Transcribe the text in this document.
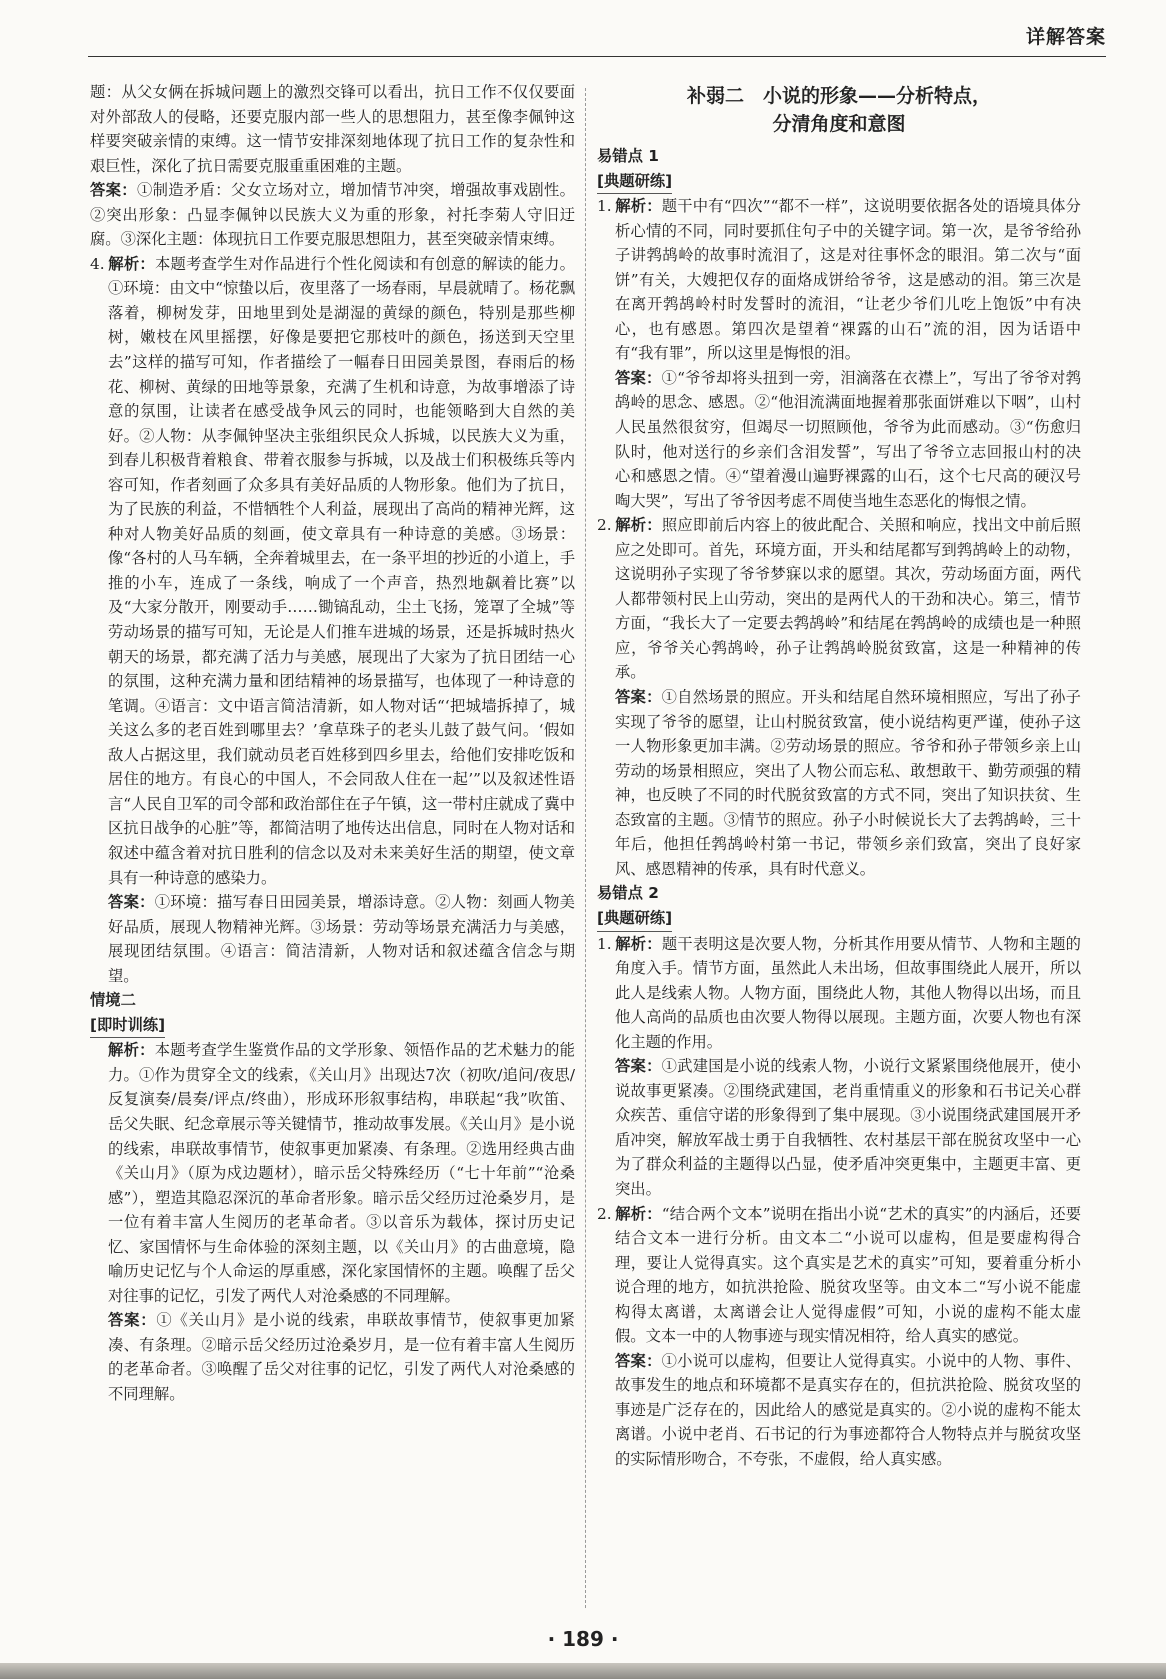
详解答案

题：从父女俩在拆城问题上的激烈交锋可以看出，抗日工作不仅仅要面对外部敌人的侵略，还要克服内部一些人的思想阻力，甚至像李佩钟这样要突破亲情的束缚。这一情节安排深刻地体现了抗日工作的复杂性和艰巨性，深化了抗日需要克服重重困难的主题。

答案：①制造矛盾：父女立场对立，增加情节冲突，增强故事戏剧性。②突出形象：凸显李佩钟以民族大义为重的形象，衬托李菊人守旧迂腐。③深化主题：体现抗日工作要克服思想阻力，甚至突破亲情束缚。

4. 解析：本题考查学生对作品进行个性化阅读和有创意的解读的能力。①环境：由文中“惊蛰以后，夜里落了一场春雨，早晨就晴了。杨花飘落着，柳树发芽，田地里到处是湖湿的黄绿的颜色，特别是那些柳树，嫩枝在风里摇摆，好像是要把它那枝叶的颜色，扬送到天空里去”这样的描写可知，作者描绘了一幅春日田园美景图，春雨后的杨花、柳树、黄绿的田地等景象，充满了生机和诗意，为故事增添了诗意的氛围，让读者在感受战争风云的同时，也能领略到大自然的美好。②人物：从李佩钟坚决主张组织民众人拆城，以民族大义为重，到春儿积极背着粮食、带着衣服参与拆城，以及战士们积极练兵等内容可知，作者刻画了众多具有美好品质的人物形象。他们为了抗日，为了民族的利益，不惜牺牲个人利益，展现出了高尚的精神光辉，这种对人物美好品质的刻画，使文章具有一种诗意的美感。③场景：像“各村的人马车辆，全奔着城里去，在一条平坦的抄近的小道上，手推的小车，连成了一条线，响成了一个声音，热烈地飙着比赛”以及“大家分散开，刚要动手……锄镐乱动，尘土飞扬，笼罩了全城”等劳动场景的描写可知，无论是人们推车进城的场景，还是拆城时热火朝天的场景，都充满了活力与美感，展现出了大家为了抗日团结一心的氛围，这种充满力量和团结精神的场景描写，也体现了一种诗意的笔调。④语言：文中语言简洁清新，如人物对话“‘把城墙拆掉了，城关这么多的老百姓到哪里去？’拿草珠子的老头儿鼓了鼓气问。‘假如敌人占据这里，我们就动员老百姓移到四乡里去，给他们安排吃饭和居住的地方。有良心的中国人，不会同敌人住在一起’”以及叙述性语言“人民自卫军的司令部和政治部住在子午镇，这一带村庄就成了冀中区抗日战争的心脏”等，都简洁明了地传达出信息，同时在人物对话和叙述中蕴含着对抗日胜利的信念以及对未来美好生活的期望，使文章具有一种诗意的感染力。

答案：①环境：描写春日田园美景，增添诗意。②人物：刻画人物美好品质，展现人物精神光辉。③场景：劳动等场景充满活力与美感，展现团结氛围。④语言：简洁清新，人物对话和叙述蕴含信念与期望。

情境二

[即时训练]

解析：本题考查学生鉴赏作品的文学形象、领悟作品的艺术魅力的能力。①作为贯穿全文的线索，《关山月》出现达7次（初吹/追问/夜思/反复演奏/晨奏/评点/终曲），形成环形叙事结构，串联起“我”吹笛、岳父失眠、纪念章展示等关键情节，推动故事发展。《关山月》是小说的线索，串联故事情节，使叙事更加紧凑、有条理。②选用经典古曲《关山月》（原为戍边题材），暗示岳父特殊经历（“七十年前”“沧桑感”），塑造其隐忍深沉的革命者形象。暗示岳父经历过沧桑岁月，是一位有着丰富人生阅历的老革命者。③以音乐为载体，探讨历史记忆、家国情怀与生命体验的深刻主题，以《关山月》的古曲意境，隐喻历史记忆与个人命运的厚重感，深化家国情怀的主题。唤醒了岳父对往事的记忆，引发了两代人对沧桑感的不同理解。

答案：①《关山月》是小说的线索，串联故事情节，使叙事更加紧凑、有条理。②暗示岳父经历过沧桑岁月，是一位有着丰富人生阅历的老革命者。③唤醒了岳父对往事的记忆，引发了两代人对沧桑感的不同理解。

补弱二　小说的形象——分析特点，
分清角度和意图

易错点 1

[典题研练]

1. 解析：题干中有“四次”“都不一样”，这说明要依据各处的语境具体分析心情的不同，同时要抓住句子中的关键字词。第一次，是爷爷给孙子讲鹁鸪岭的故事时流泪了，这是对往事怀念的眼泪。第二次与“面饼”有关，大嫂把仅存的面烙成饼给爷爷，这是感动的泪。第三次是在离开鹁鸪岭村时发誓时的流泪，“让老少爷们儿吃上饱饭”中有决心，也有感恩。第四次是望着“裸露的山石”流的泪，因为话语中有“我有罪”，所以这里是悔恨的泪。

答案：①“爷爷却将头扭到一旁，泪滴落在衣襟上”，写出了爷爷对鹁鸪岭的思念、感恩。②“他泪流满面地握着那张面饼难以下咽”，山村人民虽然很贫穷，但竭尽一切照顾他，爷爷为此而感动。③“伤愈归队时，他对送行的乡亲们含泪发誓”，写出了爷爷立志回报山村的决心和感恩之情。④“望着漫山遍野裸露的山石，这个七尺高的硬汉号啕大哭”，写出了爷爷因考虑不周使当地生态恶化的悔恨之情。

2. 解析：照应即前后内容上的彼此配合、关照和响应，找出文中前后照应之处即可。首先，环境方面，开头和结尾都写到鹁鸪岭上的动物，这说明孙子实现了爷爷梦寐以求的愿望。其次，劳动场面方面，两代人都带领村民上山劳动，突出的是两代人的干劲和决心。第三，情节方面，“我长大了一定要去鹁鸪岭”和结尾在鹁鸪岭的成绩也是一种照应，爷爷关心鹁鸪岭，孙子让鹁鸪岭脱贫致富，这是一种精神的传承。

答案：①自然场景的照应。开头和结尾自然环境相照应，写出了孙子实现了爷爷的愿望，让山村脱贫致富，使小说结构更严谨，使孙子这一人物形象更加丰满。②劳动场景的照应。爷爷和孙子带领乡亲上山劳动的场景相照应，突出了人物公而忘私、敢想敢干、勤劳顽强的精神，也反映了不同的时代脱贫致富的方式不同，突出了知识扶贫、生态致富的主题。③情节的照应。孙子小时候说长大了去鹁鸪岭，三十年后，他担任鹁鸪岭村第一书记，带领乡亲们致富，突出了良好家风、感恩精神的传承，具有时代意义。

易错点 2

[典题研练]

1. 解析：题干表明这是次要人物，分析其作用要从情节、人物和主题的角度入手。情节方面，虽然此人未出场，但故事围绕此人展开，所以此人是线索人物。人物方面，围绕此人物，其他人物得以出场，而且他人高尚的品质也由次要人物得以展现。主题方面，次要人物也有深化主题的作用。

答案：①武建国是小说的线索人物，小说行文紧紧围绕他展开，使小说故事更紧凑。②围绕武建国，老肖重情重义的形象和石书记关心群众疾苦、重信守诺的形象得到了集中展现。③小说围绕武建国展开矛盾冲突，解放军战士勇于自我牺牲、农村基层干部在脱贫攻坚中一心为了群众利益的主题得以凸显，使矛盾冲突更集中，主题更丰富、更突出。

2. 解析：“结合两个文本”说明在指出小说“艺术的真实”的内涵后，还要结合文本一进行分析。由文本二“小说可以虚构，但是要虚构得合理，要让人觉得真实。这个真实是艺术的真实”可知，要着重分析小说合理的地方，如抗洪抢险、脱贫攻坚等。由文本二“写小说不能虚构得太离谱，太离谱会让人觉得虚假”可知，小说的虚构不能太虚假。文本一中的人物事迹与现实情况相符，给人真实的感觉。

答案：①小说可以虚构，但要让人觉得真实。小说中的人物、事件、故事发生的地点和环境都不是真实存在的，但抗洪抢险、脱贫攻坚的事迹是广泛存在的，因此给人的感觉是真实的。②小说的虚构不能太离谱。小说中老肖、石书记的行为事迹都符合人物特点并与脱贫攻坚的实际情形吻合，不夸张，不虚假，给人真实感。

· 189 ·
